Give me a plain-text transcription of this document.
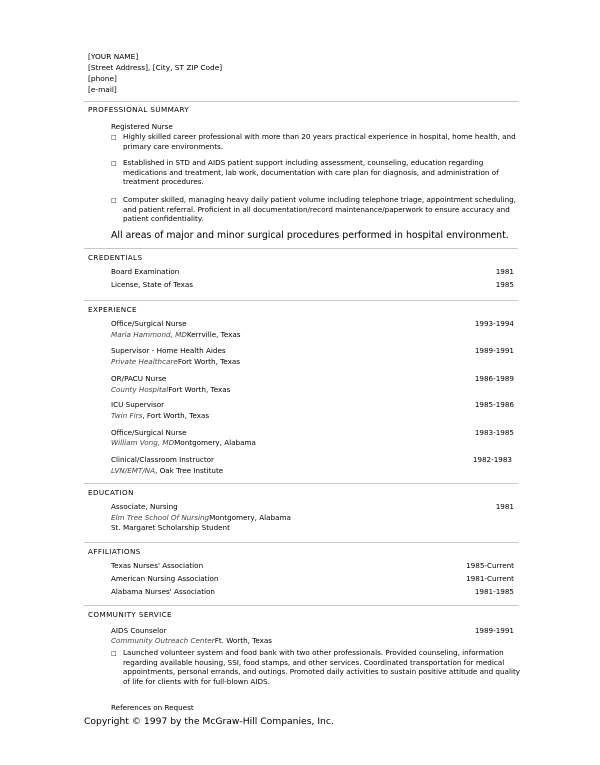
[YOUR NAME]
[Street Address], [City, ST ZIP Code]
[phone]
[e-mail]
PROFESSIONAL SUMMARY
Registered Nurse
□ Highly skilled career professional with more than 20 years practical experience in hospital, home health, and primary care environments.
□ Established in STD and AIDS patient support including assessment, counseling, education regarding medications and treatment, lab work, documentation with care plan for diagnosis, and administration of treatment procedures.
□ Computer skilled, managing heavy daily patient volume including telephone triage, appointment scheduling, and patient referral. Proficient in all documentation/record maintenance/paperwork to ensure accuracy and patient confidentiality.
All areas of major and minor surgical procedures performed in hospital environment.
CREDENTIALS
Board Examination	1981
License, State of Texas	1985
EXPERIENCE
Office/Surgical Nurse	1993-1994
Maria Hammond, MDKerrville, Texas
Supervisor - Home Health Aides	1989-1991
Private HealthcareFort Worth, Texas
OR/PACU Nurse	1986-1989
County HospitalFort Worth, Texas
ICU Supervisor	1985-1986
Twin Firs, Fort Worth, Texas
Office/Surgical Nurse	1983-1985
William Vong, MDMontgomery, Alabama
Clinical/Classroom Instructor	1982-1983
LVN/EMT/NA, Oak Tree Institute
EDUCATION
Associate, Nursing	1981
Elm Tree School Of NursingMontgomery, Alabama
St. Margaret Scholarship Student
AFFILIATIONS
Texas Nurses' Association	1985-Current
American Nursing Association	1981-Current
Alabama Nurses' Association	1981-1985
COMMUNITY SERVICE
AIDS Counselor	1989-1991
Community Outreach CenterFt. Worth, Texas
□ Launched volunteer system and food bank with two other professionals. Provided counseling, information regarding available housing, SSI, food stamps, and other services. Coordinated transportation for medical appointments, personal errands, and outings. Promoted daily activities to sustain positive attitude and quality of life for clients with for full-blown AIDS.
References on Request
Copyright © 1997 by the McGraw-Hill Companies, Inc.
